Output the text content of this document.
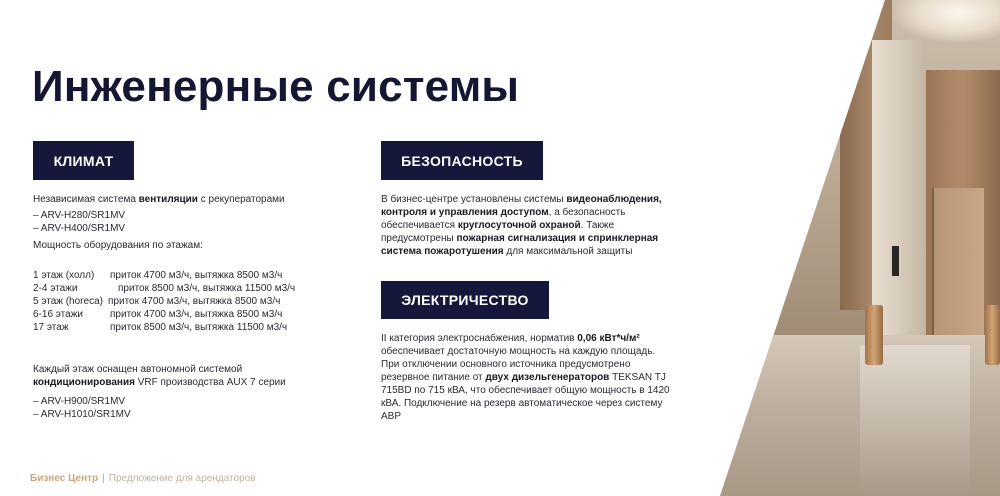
Инженерные системы
КЛИМАТ
Независимая система вентиляции с рекуператорами
– ARV-H280/SR1MV
– ARV-H400/SR1MV
Мощность оборудования по этажам:
1 этаж (холл)	приток 4700 м3/ч, вытяжка 8500 м3/ч
2-4 этажи	приток 8500 м3/ч, вытяжка 11500 м3/ч
5 этаж (horeca) приток 4700 м3/ч, вытяжка 8500 м3/ч
6-16 этажи	приток 4700 м3/ч, вытяжка 8500 м3/ч
17 этаж	приток 8500 м3/ч, вытяжка 11500 м3/ч
Каждый этаж оснащен автономной системой
кондиционирования VRF производства AUX 7 серии
– ARV-H900/SR1MV
– ARV-H1010/SR1MV
БЕЗОПАСНОСТЬ
В бизнес-центре установлены системы видеонаблюдения, контроля и управления доступом, а безопасность обеспечивается круглосуточной охраной. Также предусмотрены пожарная сигнализация и спринклерная система пожаротушения для максимальной защиты
ЭЛЕКТРИЧЕСТВО
II категория электроснабжения, норматив 0,06 кВт*ч/м² обеспечивает достаточную мощность на каждую площадь. При отключении основного источника предусмотрено резервное питание от двух дизельгенераторов TEKSAN TJ 715BD по 715 кВА, что обеспечивает общую мощность в 1420 кВА. Подключение на резерв автоматическое через систему АВР
Бизнес Центр | Предложение для арендаторов
